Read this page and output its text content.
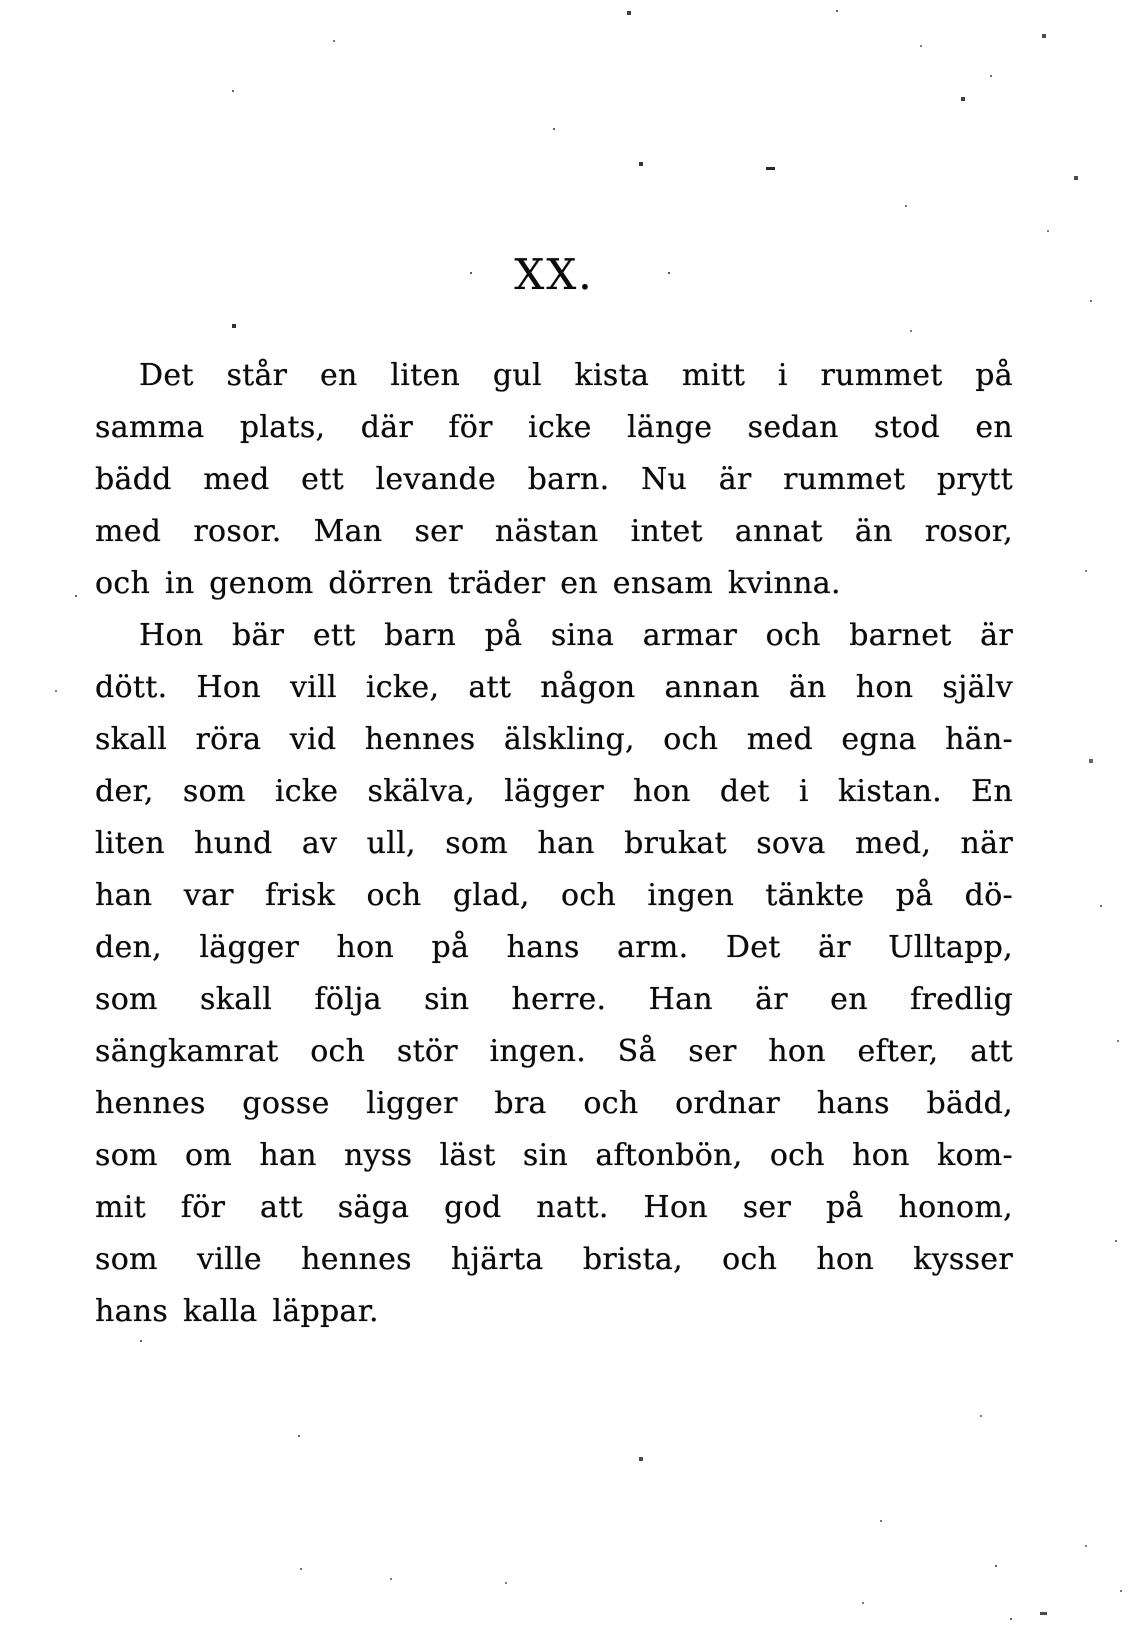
XX.
Det står en liten gul kista mitt i rummet på
samma plats, där för icke länge sedan stod en
bädd med ett levande barn. Nu är rummet prytt
med rosor. Man ser nästan intet annat än rosor,
och in genom dörren träder en ensam kvinna.
Hon bär ett barn på sina armar och barnet är
dött. Hon vill icke, att någon annan än hon själv
skall röra vid hennes älskling, och med egna hän-
der, som icke skälva, lägger hon det i kistan. En
liten hund av ull, som han brukat sova med, när
han var frisk och glad, och ingen tänkte på dö-
den, lägger hon på hans arm. Det är Ulltapp,
som skall följa sin herre. Han är en fredlig
sängkamrat och stör ingen. Så ser hon efter, att
hennes gosse ligger bra och ordnar hans bädd,
som om han nyss läst sin aftonbön, och hon kom-
mit för att säga god natt. Hon ser på honom,
som ville hennes hjärta brista, och hon kysser
hans kalla läppar.
